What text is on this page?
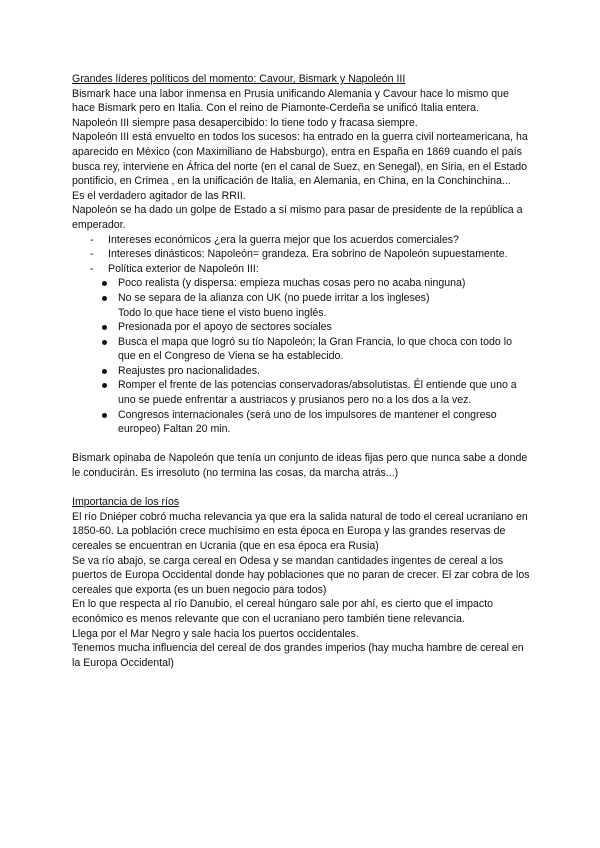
Grandes líderes políticos del momento: Cavour, Bismark y Napoleón III
Bismark hace una labor inmensa en Prusia unificando Alemania y Cavour hace lo mismo que hace Bismark pero en Italia. Con el reino de Piamonte-Cerdeña se unificó Italia entera.
Napoleón III siempre pasa desapercibido: lo tiene todo y fracasa siempre.
Napoleón III está envuelto en todos los sucesos: ha entrado en la guerra civil norteamericana, ha aparecido en México (con Maximiliano de Habsburgo), entra en España en 1869 cuando el país busca rey, interviene en África del norte (en el canal de Suez, en Senegal), en Siria, en el Estado pontificio, en Crimea , en la unificación de Italia, en Alemania, en China, en la Conchinchina...
Es el verdadero agitador de las RRII.
Napoleón se ha dado un golpe de Estado a sí mismo para pasar de presidente de la república a emperador.
- Intereses económicos ¿era la guerra mejor que los acuerdos comerciales?
- Intereses dinásticos: Napoleón= grandeza. Era sobrino de Napoleón supuestamente.
- Política exterior de Napoleón III:
Poco realista (y dispersa: empieza muchas cosas pero no acaba ninguna)
No se separa de la alianza con UK (no puede irritar a los ingleses)
Todo lo que hace tiene el visto bueno inglés.
Presionada por el apoyo de sectores sociales
Busca el mapa que logró su tío Napoleón; la Gran Francia, lo que choca con todo lo que en el Congreso de Viena se ha establecido.
Reajustes pro nacionalidades.
Romper el frente de las potencias conservadoras/absolutistas. Él entiende que uno a uno se puede enfrentar a austriacos y prusianos pero no a los dos a la vez.
Congresos internacionales (será uno de los impulsores de mantener el congreso europeo) Faltan 20 min.
Bismark opinaba de Napoleón que tenía un conjunto de ideas fijas pero que nunca sabe a donde le conducirán. Es irresoluto (no termina las cosas, da marcha atrás...)
Importancia de los ríos
El río Dniéper cobró mucha relevancia ya que era la salida natural de todo el cereal ucraniano en 1850-60. La población crece muchísimo en esta época en Europa y las grandes reservas de cereales se encuentran en Ucrania (que en esa época era Rusia)
Se va río abajo, se carga cereal en Odesa y se mandan cantidades ingentes de cereal a los puertos de Europa Occidental donde hay poblaciones que no paran de crecer. El zar cobra de los cereales que exporta (es un buen negocio para todos)
En lo que respecta al río Danubio, el cereal húngaro sale por ahí, es cierto que el impacto económico es menos relevante que con el ucraniano pero también tiene relevancia.
Llega por el Mar Negro y sale hacia los puertos occidentales.
Tenemos mucha influencia del cereal de dos grandes imperios (hay mucha hambre de cereal en la Europa Occidental)
